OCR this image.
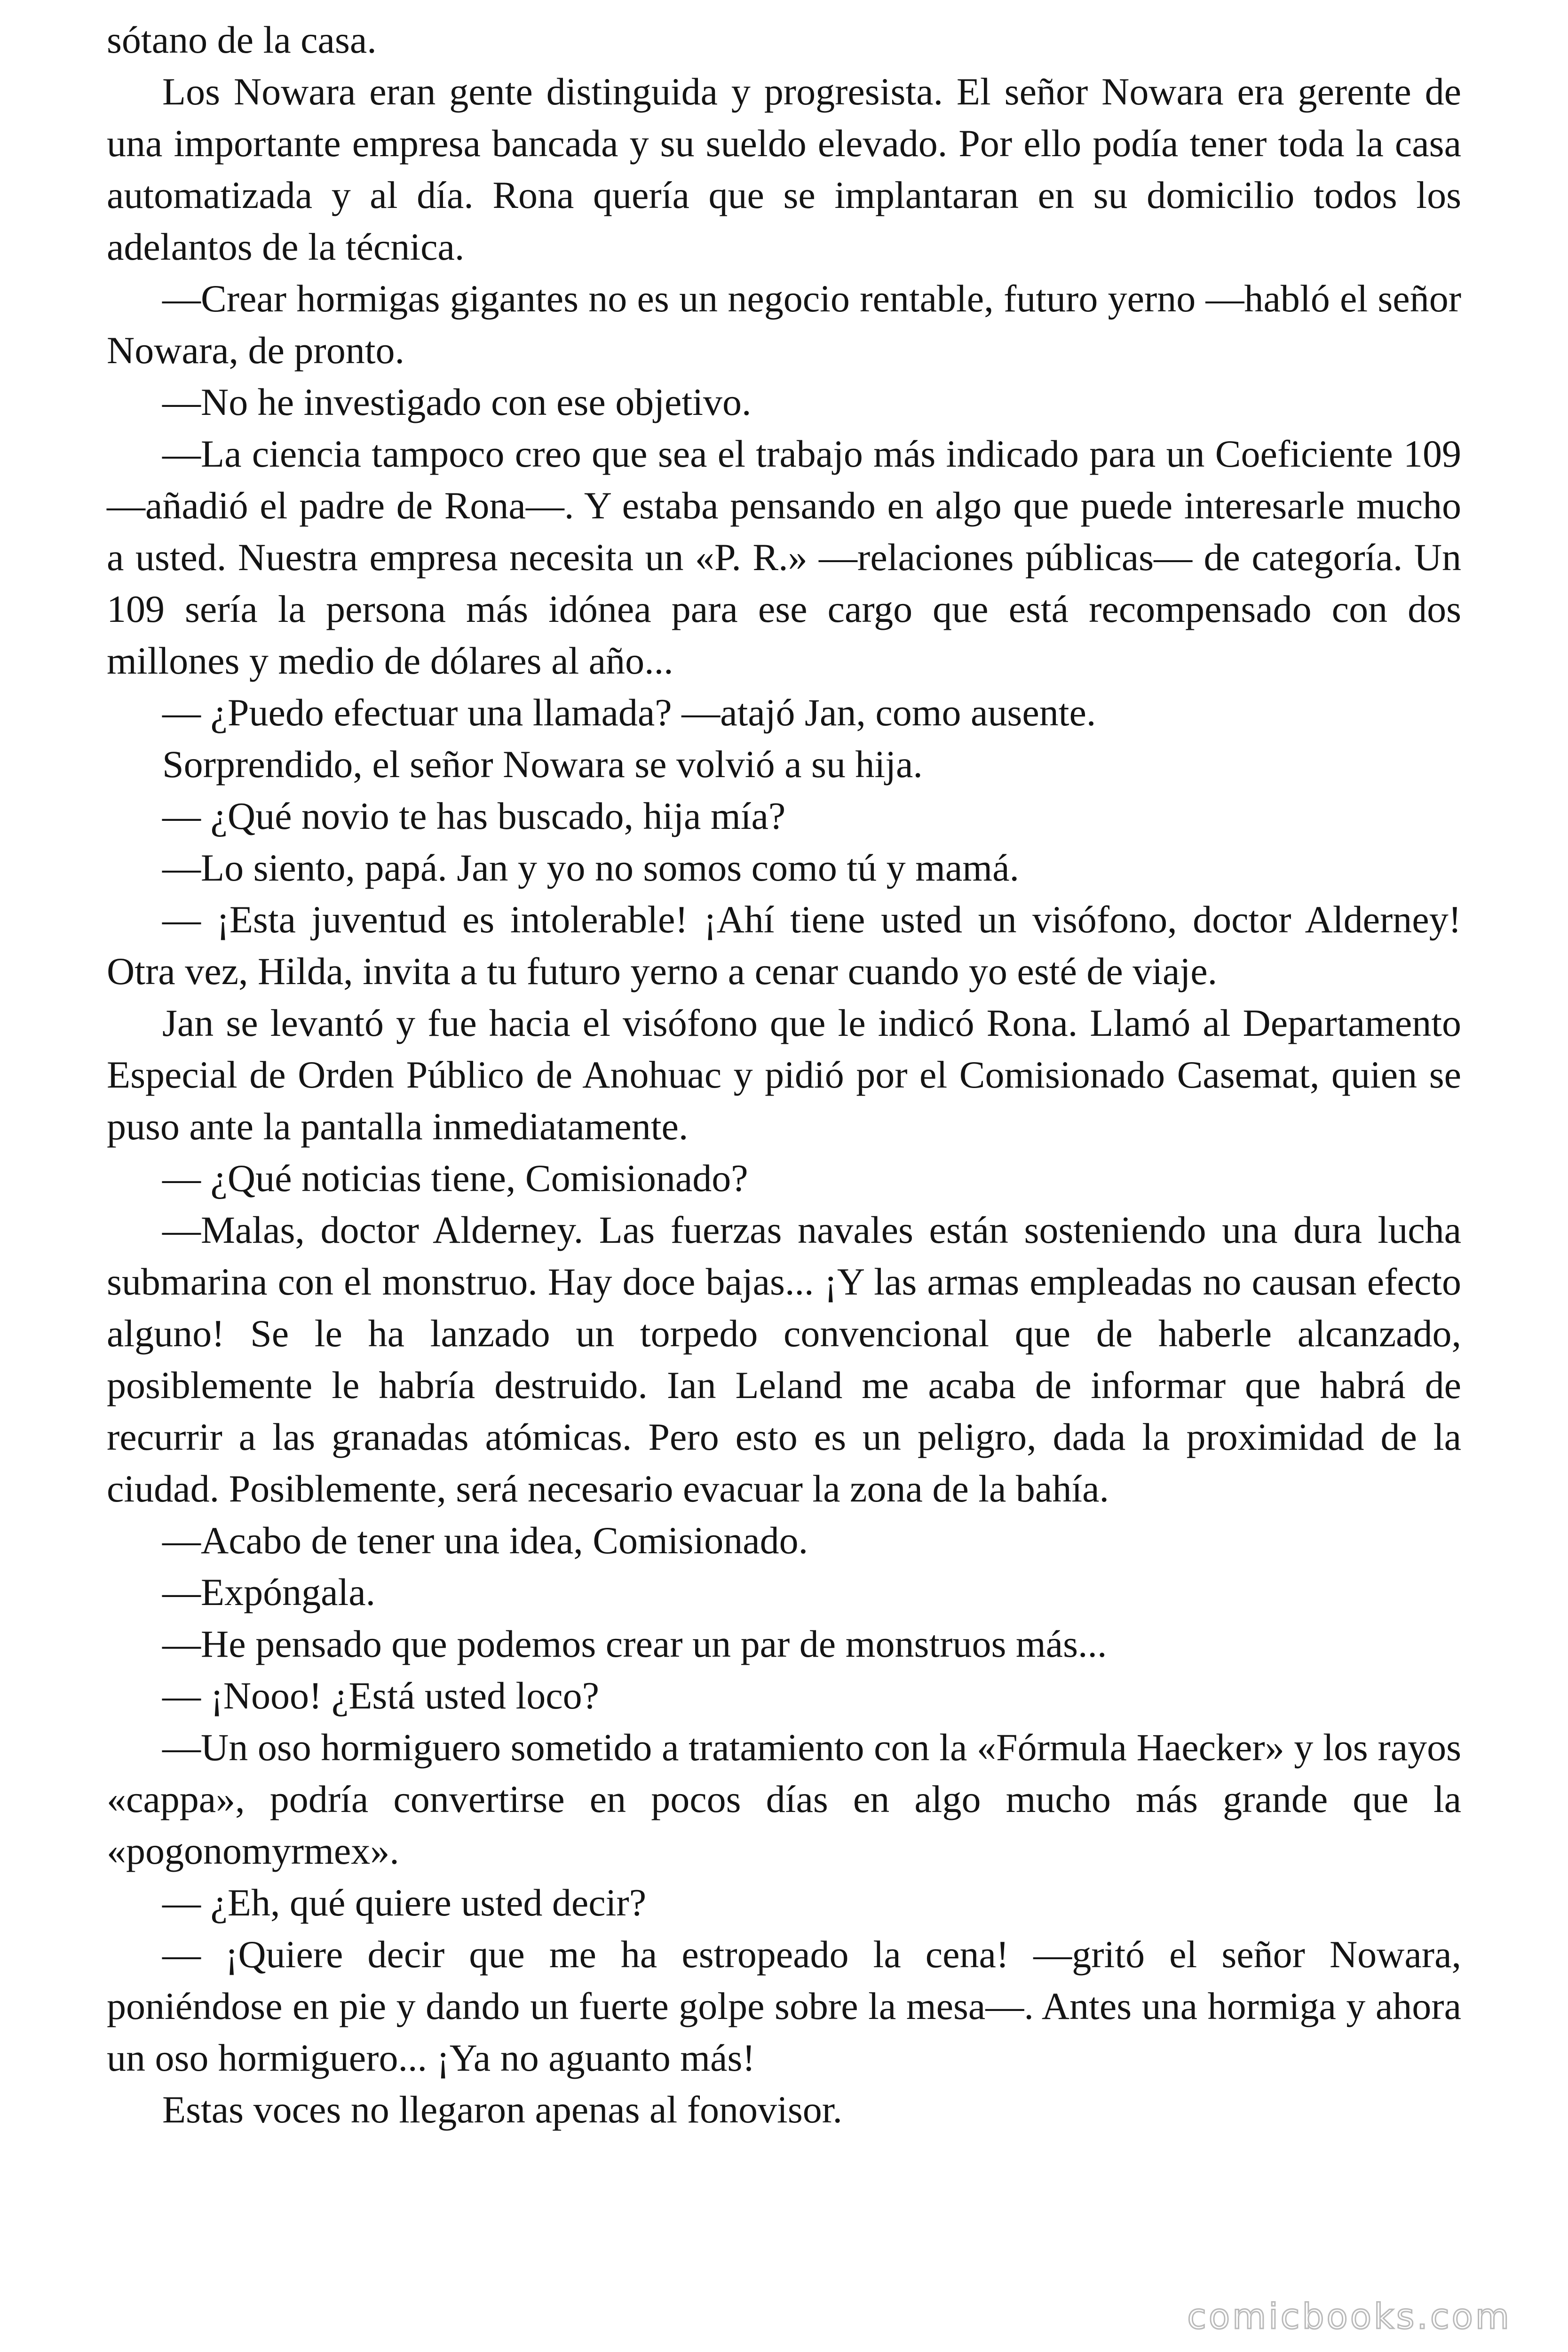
sótano de la casa.

Los Nowara eran gente distinguida y progresista. El señor Nowara era gerente de una importante empresa bancada y su sueldo elevado. Por ello podía tener toda la casa automatizada y al día. Rona quería que se implantaran en su domicilio todos los adelantos de la técnica.

—Crear hormigas gigantes no es un negocio rentable, futuro yerno —habló el señor Nowara, de pronto.

—No he investigado con ese objetivo.

—La ciencia tampoco creo que sea el trabajo más indicado para un Coeficiente 109 —añadió el padre de Rona—. Y estaba pensando en algo que puede interesarle mucho a usted. Nuestra empresa necesita un «P. R.» —relaciones públicas— de categoría. Un 109 sería la persona más idónea para ese cargo que está recompensado con dos millones y medio de dólares al año...

— ¿Puedo efectuar una llamada? —atajó Jan, como ausente.

Sorprendido, el señor Nowara se volvió a su hija.

— ¿Qué novio te has buscado, hija mía?

—Lo siento, papá. Jan y yo no somos como tú y mamá.

— ¡Esta juventud es intolerable! ¡Ahí tiene usted un visófono, doctor Alderney! Otra vez, Hilda, invita a tu futuro yerno a cenar cuando yo esté de viaje.

Jan se levantó y fue hacia el visófono que le indicó Rona. Llamó al Departamento Especial de Orden Público de Anohuac y pidió por el Comisionado Casemat, quien se puso ante la pantalla inmediatamente.

— ¿Qué noticias tiene, Comisionado?

—Malas, doctor Alderney. Las fuerzas navales están sosteniendo una dura lucha submarina con el monstruo. Hay doce bajas... ¡Y las armas empleadas no causan efecto alguno! Se le ha lanzado un torpedo convencional que de haberle alcanzado, posiblemente le habría destruido. Ian Leland me acaba de informar que habrá de recurrir a las granadas atómicas. Pero esto es un peligro, dada la proximidad de la ciudad. Posiblemente, será necesario evacuar la zona de la bahía.

—Acabo de tener una idea, Comisionado.

—Expóngala.

—He pensado que podemos crear un par de monstruos más...

— ¡Nooo! ¿Está usted loco?

—Un oso hormiguero sometido a tratamiento con la «Fórmula Haecker» y los rayos «cappa», podría convertirse en pocos días en algo mucho más grande que la «pogonomyrmex».

— ¿Eh, qué quiere usted decir?

— ¡Quiere decir que me ha estropeado la cena! —gritó el señor Nowara, poniéndose en pie y dando un fuerte golpe sobre la mesa—. Antes una hormiga y ahora un oso hormiguero... ¡Ya no aguanto más!

Estas voces no llegaron apenas al fonovisor.

comicbooks.com
